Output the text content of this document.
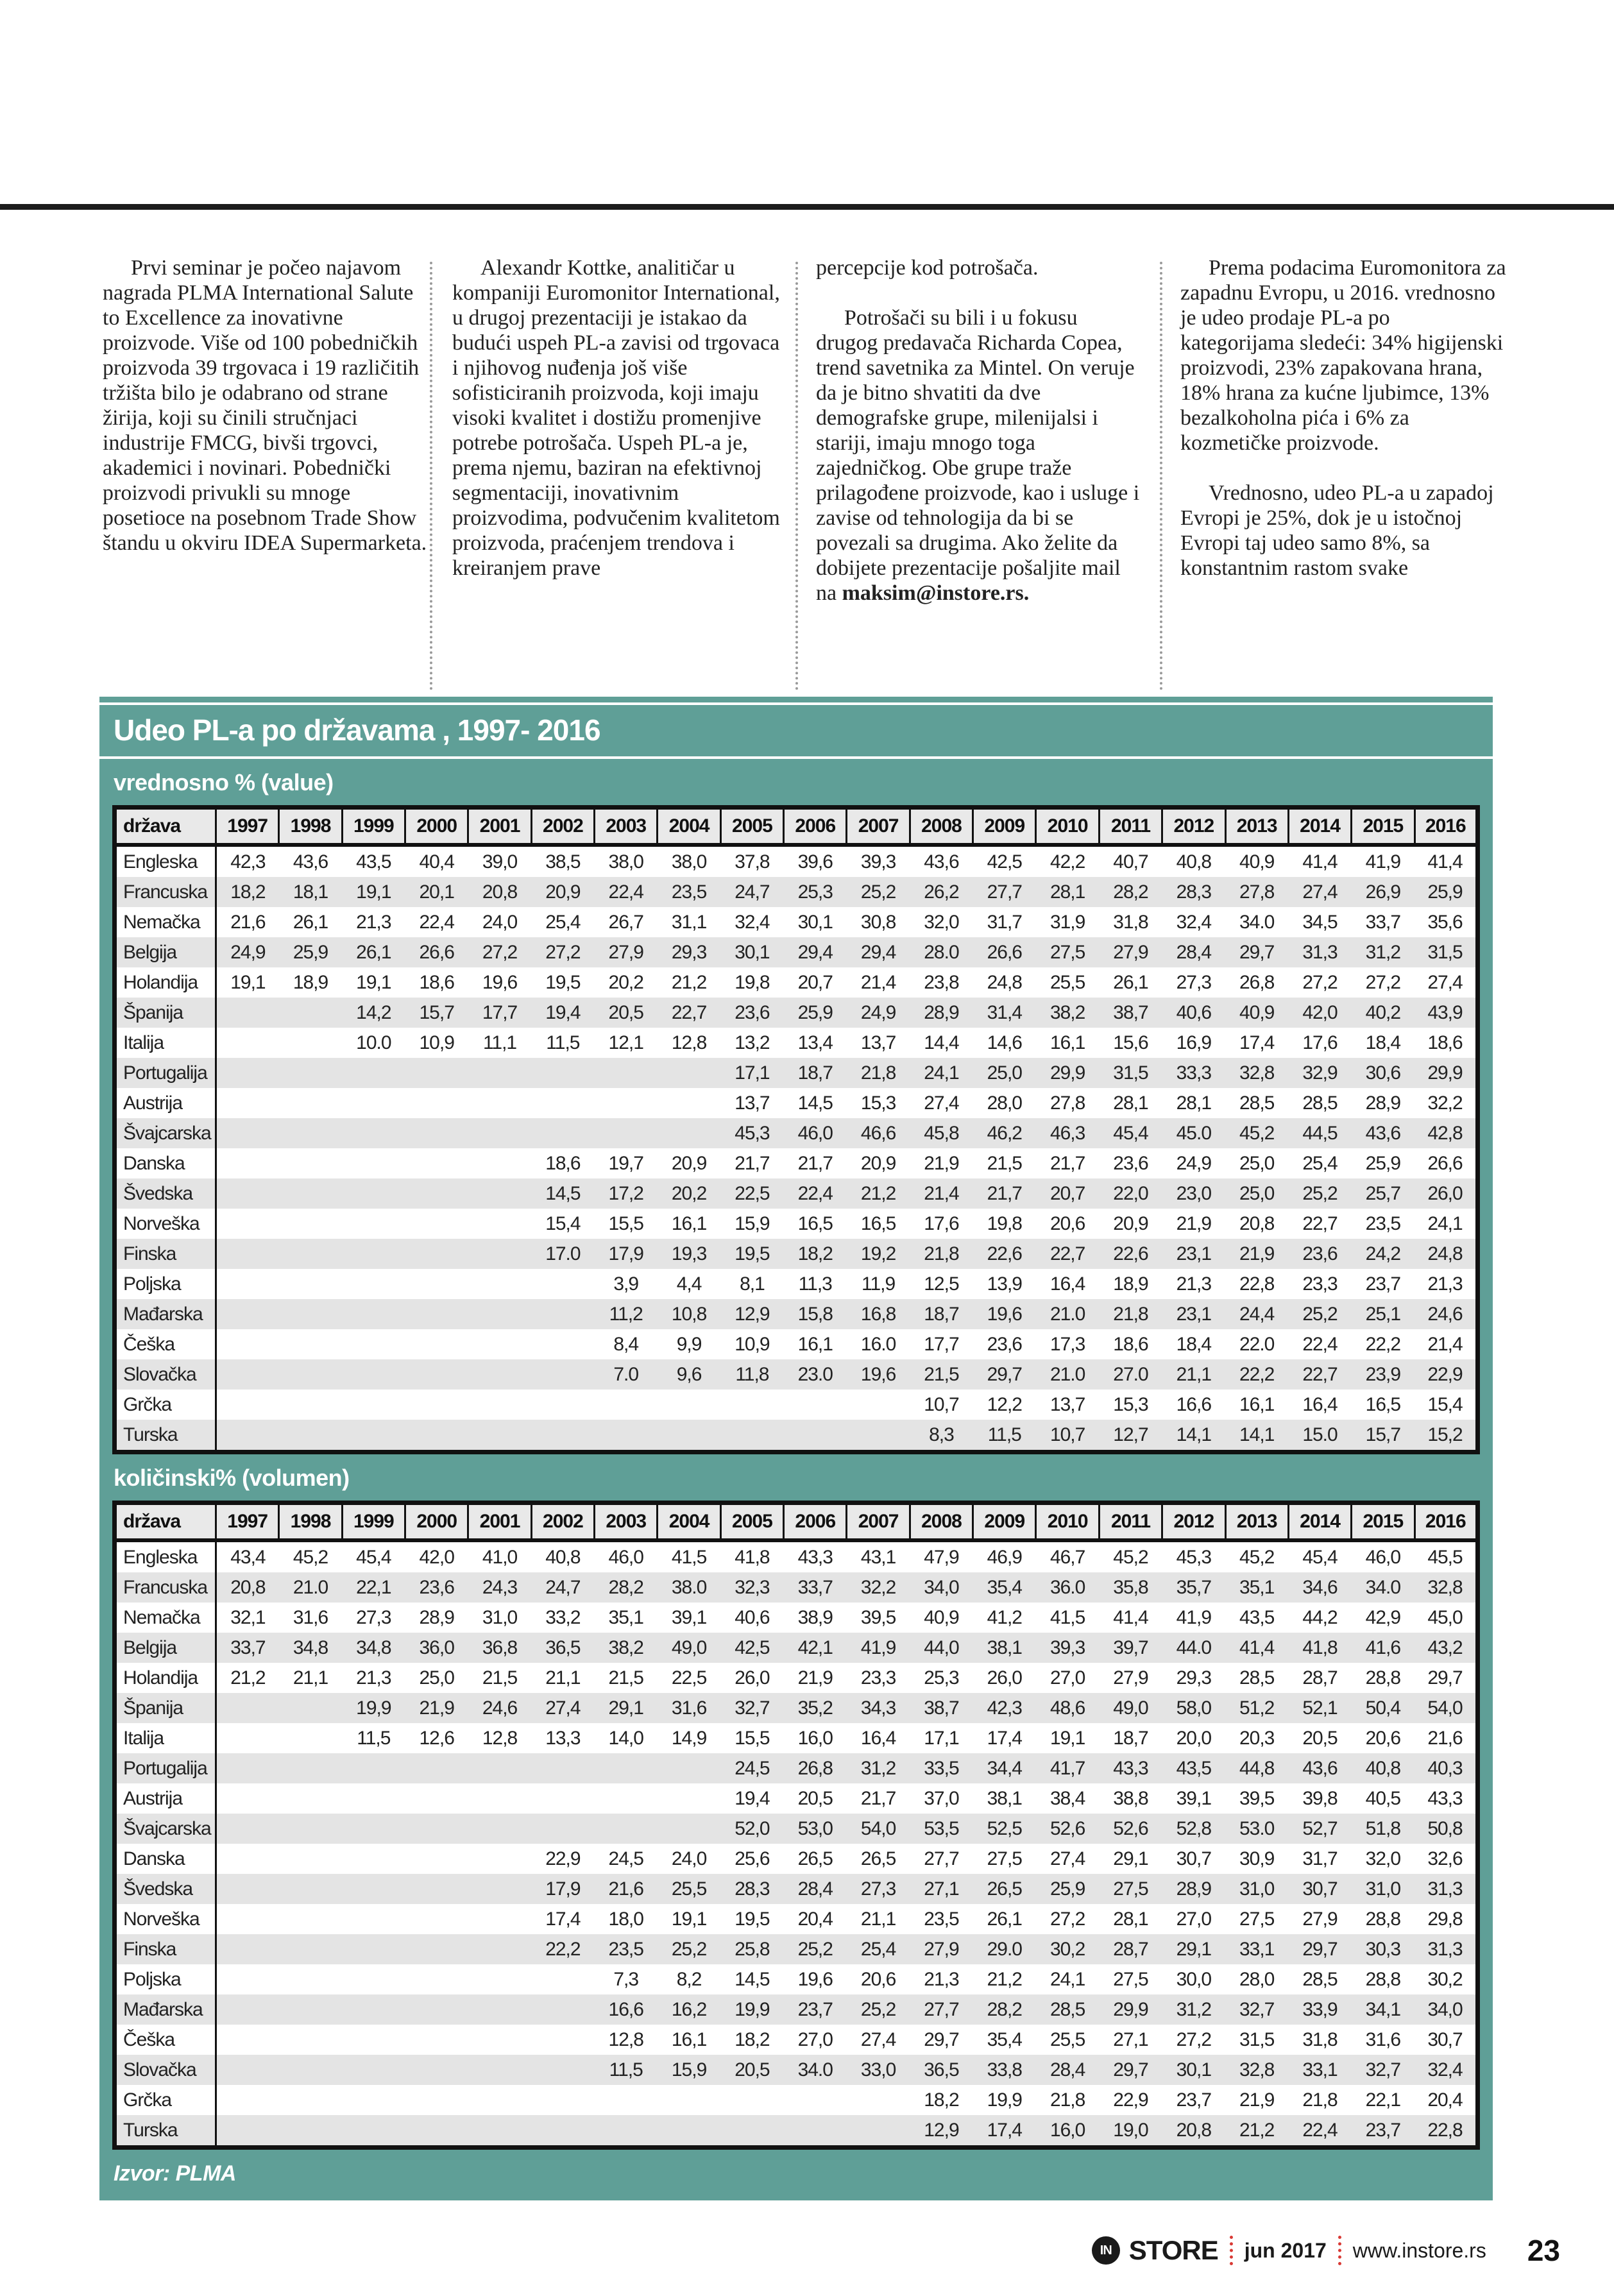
Prvi seminar je počeo najavom nagrada PLMA International Salute to Excellence za inovativne proizvode. Više od 100 pobedničkih proizvoda 39 trgovaca i 19 različitih tržišta bilo je odabrano od strane žirija, koji su činili stručnjaci industrije FMCG, bivši trgovci, akademici i novinari. Pobednički proizvodi privukli su mnoge posetioce na posebnom Trade Show štandu u okviru IDEA Supermarketa.

Alexandr Kottke, analitičar u kompaniji Euromonitor International, u drugoj prezentaciji je istakao da budući uspeh PL-a zavisi od trgovaca i njihovog nuđenja još više sofisticiranih proizvoda, koji imaju visoki kvalitet i dostižu promenjive potrebe potrošača. Uspeh PL-a je, prema njemu, baziran na efektivnoj segmentaciji, inovativnim proizvodima, podvučenim kvalitetom proizvoda, praćenjem trendova i kreiranjem prave

percepcije kod potrošača.

Potrošači su bili i u fokusu drugog predavača Richarda Copea, trend savetnika za Mintel. On veruje da je bitno shvatiti da dve demografske grupe, milenijalsi i stariji, imaju mnogo toga zajedničkog. Obe grupe traže prilagođene proizvode, kao i usluge i zavise od tehnologija da bi se povezali sa drugima. Ako želite da dobijete prezentacije pošaljite mail na maksim@instore.rs.

Prema podacima Euromonitora za zapadnu Evropu, u 2016. vrednosno je udeo prodaje PL-a po kategorijama sledeći: 34% higijenski proizvodi, 23% zapakovana hrana, 18% hrana za kućne ljubimce, 13% bezalkoholna pića i 6% za kozmetičke proizvode.

Vrednosno, udeo PL-a u zapadoj Evropi je 25%, dok je u istočnoj Evropi taj udeo samo 8%, sa konstantnim rastom svake

Udeo PL-a po državama , 1997- 2016
vrednosno % (value)
država	1997	1998	1999	2000	2001	2002	2003	2004	2005	2006	2007	2008	2009	2010	2011	2012	2013	2014	2015	2016
Engleska	42,3	43,6	43,5	40,4	39,0	38,5	38,0	38,0	37,8	39,6	39,3	43,6	42,5	42,2	40,7	40,8	40,9	41,4	41,9	41,4
Francuska	18,2	18,1	19,1	20,1	20,8	20,9	22,4	23,5	24,7	25,3	25,2	26,2	27,7	28,1	28,2	28,3	27,8	27,4	26,9	25,9
Nemačka	21,6	26,1	21,3	22,4	24,0	25,4	26,7	31,1	32,4	30,1	30,8	32,0	31,7	31,9	31,8	32,4	34.0	34,5	33,7	35,6
Belgija	24,9	25,9	26,1	26,6	27,2	27,2	27,9	29,3	30,1	29,4	29,4	28.0	26,6	27,5	27,9	28,4	29,7	31,3	31,2	31,5
Holandija	19,1	18,9	19,1	18,6	19,6	19,5	20,2	21,2	19,8	20,7	21,4	23,8	24,8	25,5	26,1	27,3	26,8	27,2	27,2	27,4
Španija			14,2	15,7	17,7	19,4	20,5	22,7	23,6	25,9	24,9	28,9	31,4	38,2	38,7	40,6	40,9	42,0	40,2	43,9
Italija			10.0	10,9	11,1	11,5	12,1	12,8	13,2	13,4	13,7	14,4	14,6	16,1	15,6	16,9	17,4	17,6	18,4	18,6
Portugalija									17,1	18,7	21,8	24,1	25,0	29,9	31,5	33,3	32,8	32,9	30,6	29,9
Austrija									13,7	14,5	15,3	27,4	28,0	27,8	28,1	28,1	28,5	28,5	28,9	32,2
Švajcarska									45,3	46,0	46,6	45,8	46,2	46,3	45,4	45.0	45,2	44,5	43,6	42,8
Danska						18,6	19,7	20,9	21,7	21,7	20,9	21,9	21,5	21,7	23,6	24,9	25,0	25,4	25,9	26,6
Švedska						14,5	17,2	20,2	22,5	22,4	21,2	21,4	21,7	20,7	22,0	23,0	25,0	25,2	25,7	26,0
Norveška						15,4	15,5	16,1	15,9	16,5	16,5	17,6	19,8	20,6	20,9	21,9	20,8	22,7	23,5	24,1
Finska						17.0	17,9	19,3	19,5	18,2	19,2	21,8	22,6	22,7	22,6	23,1	21,9	23,6	24,2	24,8
Poljska							3,9	4,4	8,1	11,3	11,9	12,5	13,9	16,4	18,9	21,3	22,8	23,3	23,7	21,3
Mađarska							11,2	10,8	12,9	15,8	16,8	18,7	19,6	21.0	21,8	23,1	24,4	25,2	25,1	24,6
Češka							8,4	9,9	10,9	16,1	16.0	17,7	23,6	17,3	18,6	18,4	22.0	22,4	22,2	21,4
Slovačka							7.0	9,6	11,8	23.0	19,6	21,5	29,7	21.0	27.0	21,1	22,2	22,7	23,9	22,9
Grčka												10,7	12,2	13,7	15,3	16,6	16,1	16,4	16,5	15,4
Turska												8,3	11,5	10,7	12,7	14,1	14,1	15.0	15,7	15,2
količinski% (volumen)
država	1997	1998	1999	2000	2001	2002	2003	2004	2005	2006	2007	2008	2009	2010	2011	2012	2013	2014	2015	2016
Engleska	43,4	45,2	45,4	42,0	41,0	40,8	46,0	41,5	41,8	43,3	43,1	47,9	46,9	46,7	45,2	45,3	45,2	45,4	46,0	45,5
Francuska	20,8	21.0	22,1	23,6	24,3	24,7	28,2	38.0	32,3	33,7	32,2	34,0	35,4	36.0	35,8	35,7	35,1	34,6	34.0	32,8
Nemačka	32,1	31,6	27,3	28,9	31,0	33,2	35,1	39,1	40,6	38,9	39,5	40,9	41,2	41,5	41,4	41,9	43,5	44,2	42,9	45,0
Belgija	33,7	34,8	34,8	36,0	36,8	36,5	38,2	49,0	42,5	42,1	41,9	44,0	38,1	39,3	39,7	44.0	41,4	41,8	41,6	43,2
Holandija	21,2	21,1	21,3	25,0	21,5	21,1	21,5	22,5	26,0	21,9	23,3	25,3	26,0	27,0	27,9	29,3	28,5	28,7	28,8	29,7
Španija			19,9	21,9	24,6	27,4	29,1	31,6	32,7	35,2	34,3	38,7	42,3	48,6	49,0	58,0	51,2	52,1	50,4	54,0
Italija			11,5	12,6	12,8	13,3	14,0	14,9	15,5	16,0	16,4	17,1	17,4	19,1	18,7	20,0	20,3	20,5	20,6	21,6
Portugalija									24,5	26,8	31,2	33,5	34,4	41,7	43,3	43,5	44,8	43,6	40,8	40,3
Austrija									19,4	20,5	21,7	37,0	38,1	38,4	38,8	39,1	39,5	39,8	40,5	43,3
Švajcarska									52,0	53,0	54,0	53,5	52,5	52,6	52,6	52,8	53.0	52,7	51,8	50,8
Danska						22,9	24,5	24,0	25,6	26,5	26,5	27,7	27,5	27,4	29,1	30,7	30,9	31,7	32,0	32,6
Švedska						17,9	21,6	25,5	28,3	28,4	27,3	27,1	26,5	25,9	27,5	28,9	31,0	30,7	31,0	31,3
Norveška						17,4	18,0	19,1	19,5	20,4	21,1	23,5	26,1	27,2	28,1	27,0	27,5	27,9	28,8	29,8
Finska						22,2	23,5	25,2	25,8	25,2	25,4	27,9	29.0	30,2	28,7	29,1	33,1	29,7	30,3	31,3
Poljska							7,3	8,2	14,5	19,6	20,6	21,3	21,2	24,1	27,5	30,0	28,0	28,5	28,8	30,2
Mađarska							16,6	16,2	19,9	23,7	25,2	27,7	28,2	28,5	29,9	31,2	32,7	33,9	34,1	34,0
Češka							12,8	16,1	18,2	27,0	27,4	29,7	35,4	25,5	27,1	27,2	31,5	31,8	31,6	30,7
Slovačka							11,5	15,9	20,5	34.0	33,0	36,5	33,8	28,4	29,7	30,1	32,8	33,1	32,7	32,4
Grčka												18,2	19,9	21,8	22,9	23,7	21,9	21,8	22,1	20,4
Turska												12,9	17,4	16,0	19,0	20,8	21,2	22,4	23,7	22,8
Izvor: PLMA
IN STORE jun 2017 www.instore.rs 23
